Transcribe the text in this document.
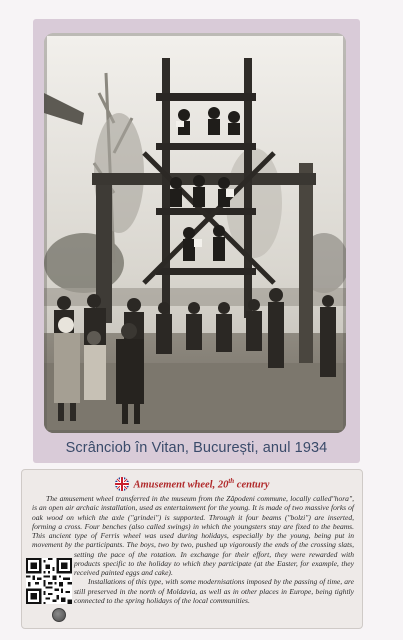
Scrânciob în Vitan, București, anul 1934
Amusement wheel, 20th century

The amusement wheel transferred in the museum from the Zăpodeni commune, locally called"hora", is an open air archaic installation, used as entertainment for the young. It is made of two massive forks of oak wood on which the axle ("grindei") is supported. Through it four beams ("bolzi") are inserted, forming a cross. Four benches (also called swings) in which the youngsters stay are fixed to the beams. This ancient type of Ferris wheel was used during holidays, especially by the young, being put in movement by the participants. The boys, two by two, pushed up vigorously the ends of the crossing slats, setting the pace of the rotation. In exchange for their effort, they were rewarded with products specific to the holiday to which they participate (at the Easter, for example, they received painted eggs and cake).

Installations of this type, with some modernisations imposed by the passing of time, are still preserved in the north of Moldavia, as well as in other places in Europe, being tightly connected to the spring holidays of the local communities.
